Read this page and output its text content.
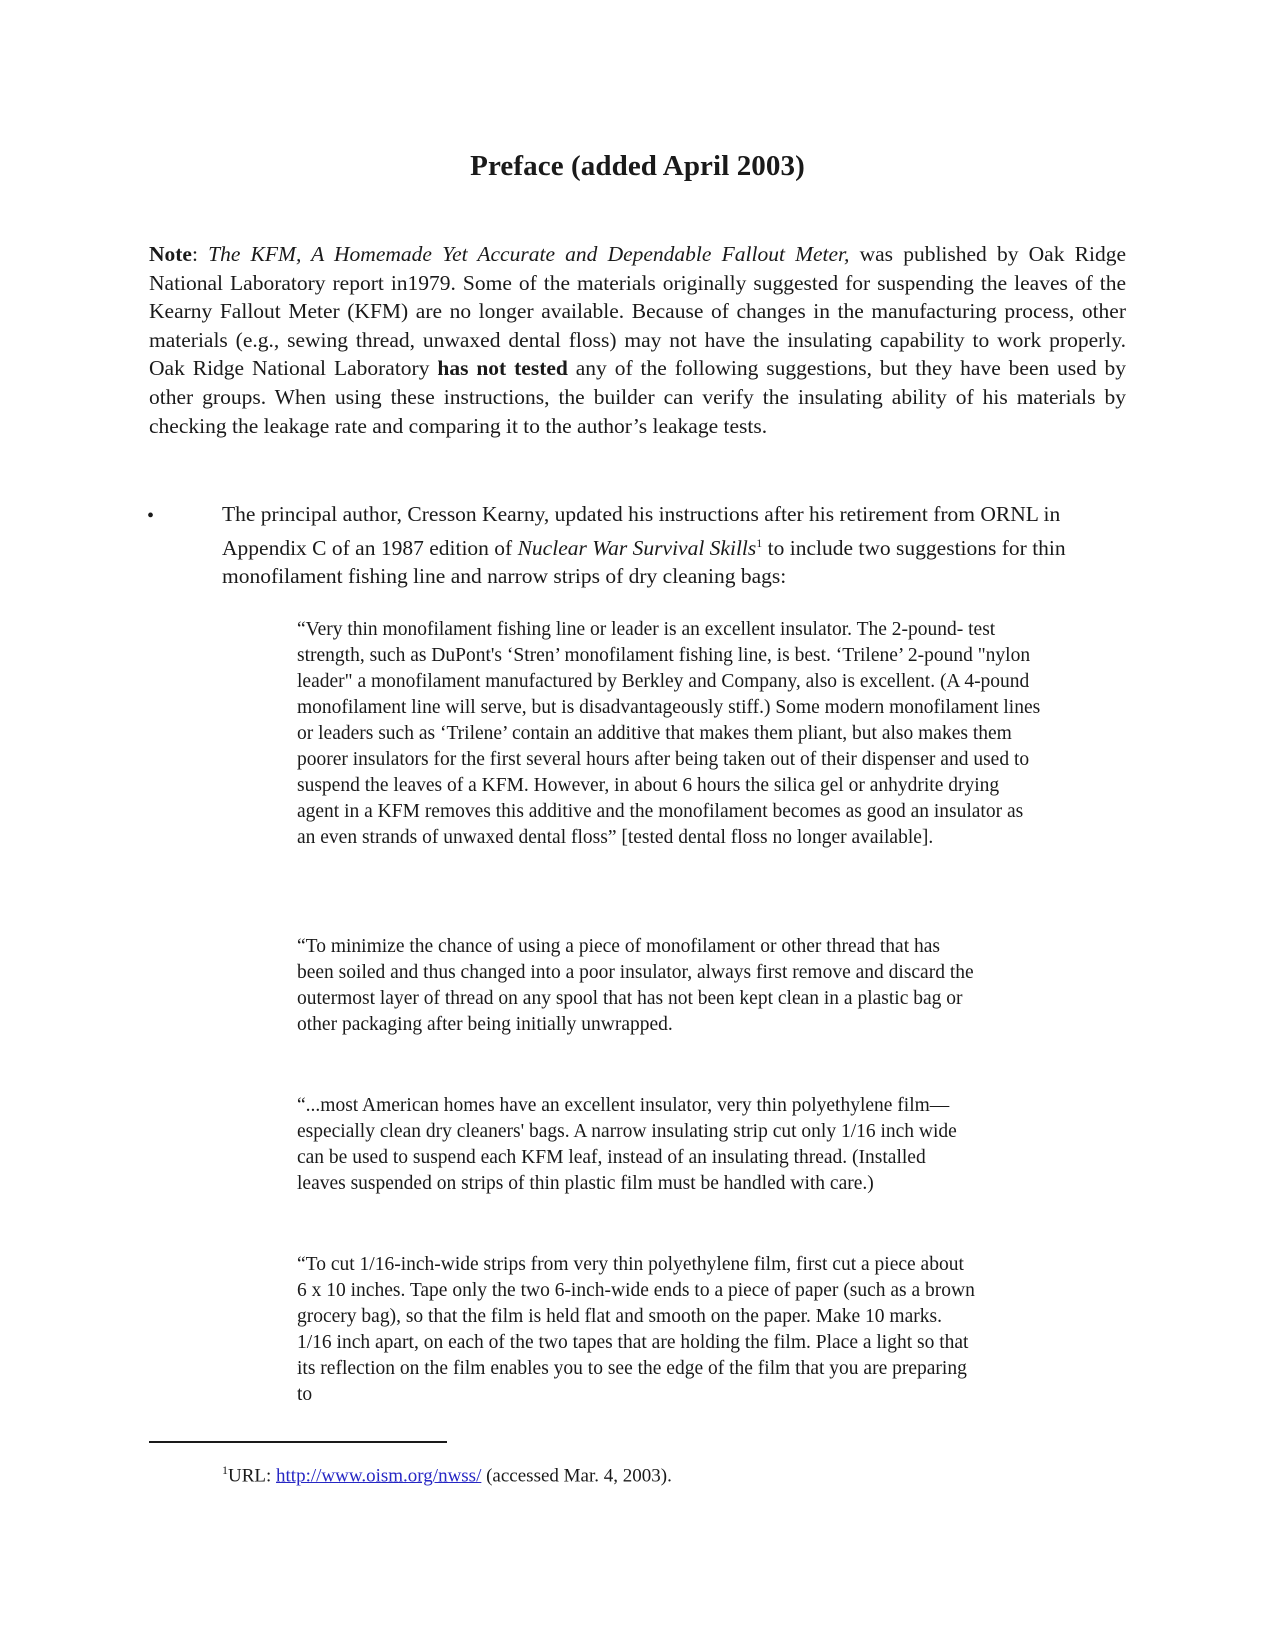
Preface (added April 2003)

Note: The KFM, A Homemade Yet Accurate and Dependable Fallout Meter, was published by Oak Ridge National Laboratory report in1979. Some of the materials originally suggested for suspending the leaves of the Kearny Fallout Meter (KFM) are no longer available. Because of changes in the manufacturing process, other materials (e.g., sewing thread, unwaxed dental floss) may not have the insulating capability to work properly. Oak Ridge National Laboratory has not tested any of the following suggestions, but they have been used by other groups. When using these instructions, the builder can verify the insulating ability of his materials by checking the leakage rate and comparing it to the author’s leakage tests.

•	The principal author, Cresson Kearny, updated his instructions after his retirement from ORNL in Appendix C of an 1987 edition of Nuclear War Survival Skills$^1$ to include two suggestions for thin monofilament fishing line and narrow strips of dry cleaning bags:

“Very thin monofilament fishing line or leader is an excellent insulator. The 2-pound- test strength, such as DuPont's ‘Stren’ monofilament fishing line, is best. ‘Trilene’ 2-pound "nylon leader" a monofilament manufactured by Berkley and Company, also is excellent. (A 4-pound monofilament line will serve, but is disadvantageously stiff.) Some modern monofilament lines or leaders such as ‘Trilene’ contain an additive that makes them pliant, but also makes them poorer insulators for the first several hours after being taken out of their dispenser and used to suspend the leaves of a KFM. However, in about 6 hours the silica gel or anhydrite drying agent in a KFM removes this additive and the monofilament becomes as good an insulator as an even strands of unwaxed dental floss” [tested dental floss no longer available].

“To minimize the chance of using a piece of monofilament or other thread that has been soiled and thus changed into a poor insulator, always first remove and discard the outermost layer of thread on any spool that has not been kept clean in a plastic bag or other packaging after being initially unwrapped.

“...most American homes have an excellent insulator, very thin polyethylene film—especially clean dry cleaners' bags. A narrow insulating strip cut only 1/16 inch wide can be used to suspend each KFM leaf, instead of an insulating thread. (Installed leaves suspended on strips of thin plastic film must be handled with care.)

“To cut 1/16-inch-wide strips from very thin polyethylene film, first cut a piece about 6 x 10 inches. Tape only the two 6-inch-wide ends to a piece of paper (such as a brown grocery bag), so that the film is held flat and smooth on the paper. Make 10 marks. 1/16 inch apart, on each of the two tapes that are holding the film. Place a light so that its reflection on the film enables you to see the edge of the film that you are preparing to

$^1$URL: http://www.oism.org/nwss/ (accessed Mar. 4, 2003).
